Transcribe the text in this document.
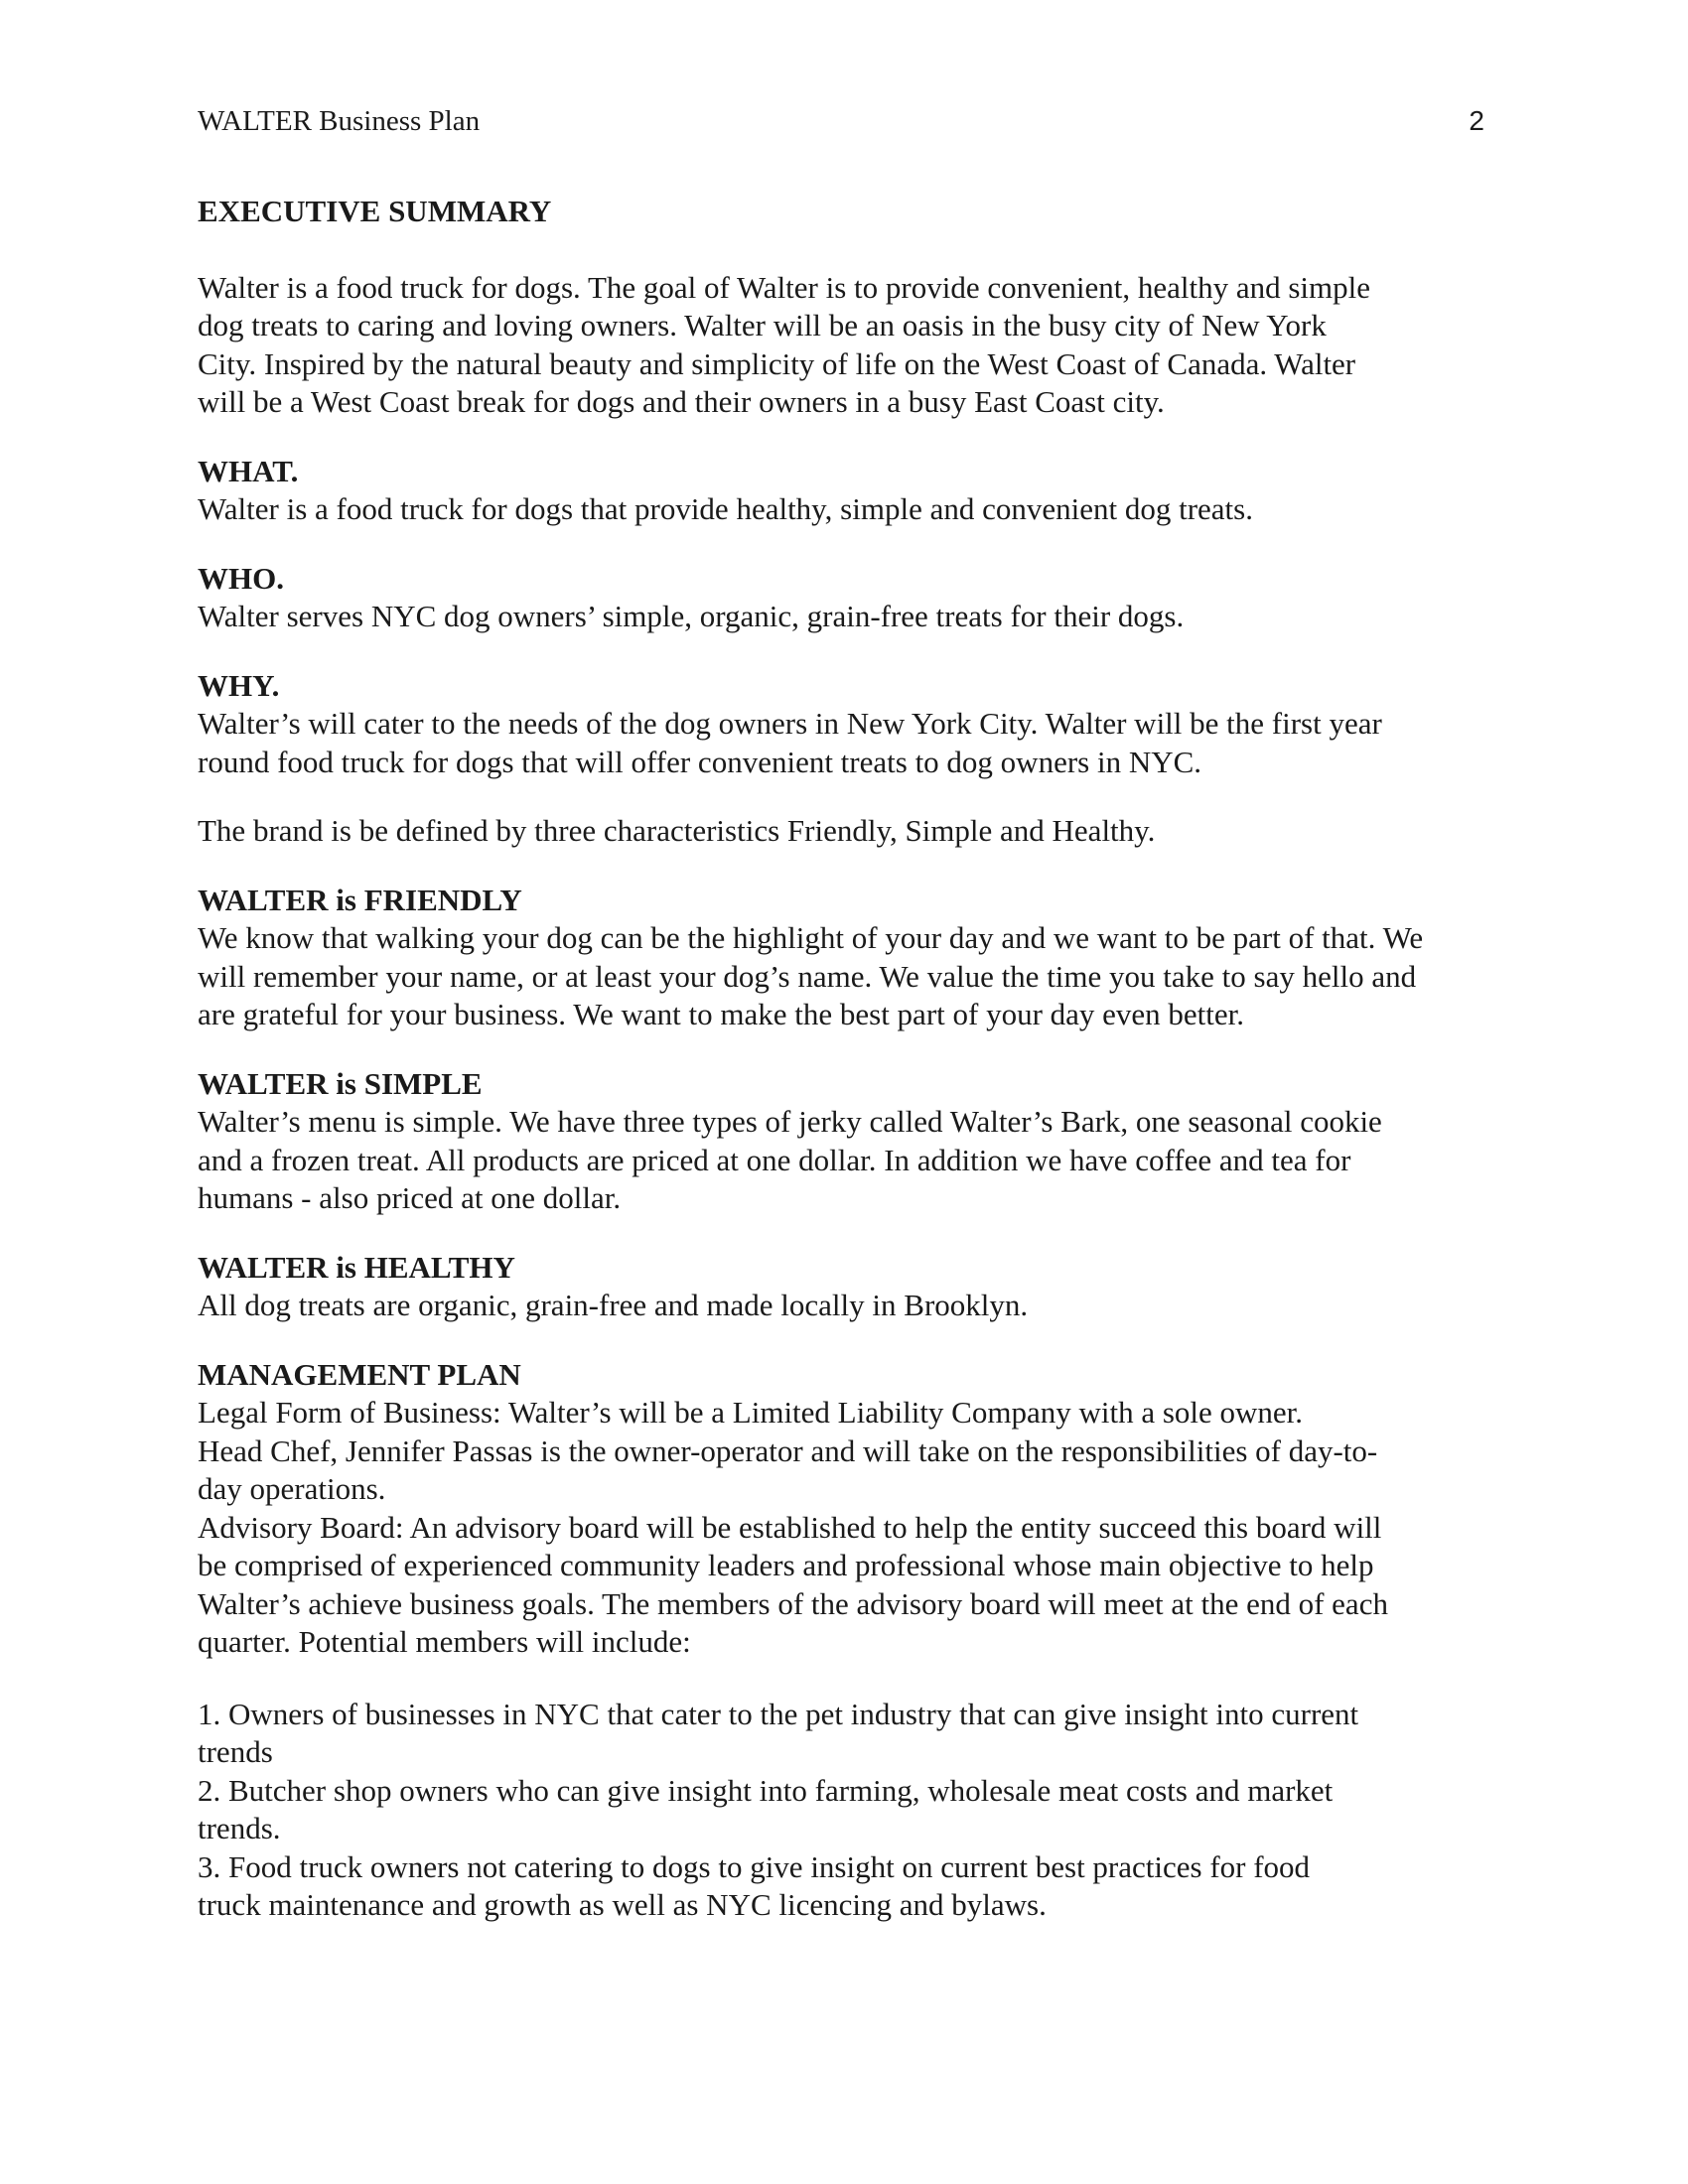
WALTER Business Plan	2

EXECUTIVE SUMMARY

Walter is a food truck for dogs. The goal of Walter is to provide convenient, healthy and simple
dog treats to caring and loving owners. Walter will be an oasis in the busy city of New York
City. Inspired by the natural beauty and simplicity of life on the West Coast of Canada. Walter
will be a West Coast break for dogs and their owners in a busy East Coast city.

WHAT.

Walter is a food truck for dogs that provide healthy, simple and convenient dog treats.

WHO.

Walter serves NYC dog owners’ simple, organic, grain-free treats for their dogs.

WHY.

Walter’s will cater to the needs of the dog owners in New York City. Walter will be the first year
round food truck for dogs that will offer convenient treats to dog owners in NYC.

The brand is be defined by three characteristics Friendly, Simple and Healthy.

WALTER is FRIENDLY

We know that walking your dog can be the highlight of your day and we want to be part of that. We
will remember your name, or at least your dog’s name. We value the time you take to say hello and
are grateful for your business. We want to make the best part of your day even better.

WALTER is SIMPLE

Walter’s menu is simple. We have three types of jerky called Walter’s Bark, one seasonal cookie
and a frozen treat. All products are priced at one dollar. In addition we have coffee and tea for
humans - also priced at one dollar.

WALTER is HEALTHY

All dog treats are organic, grain-free and made locally in Brooklyn.

MANAGEMENT PLAN

Legal Form of Business: Walter’s will be a Limited Liability Company with a sole owner.
Head Chef, Jennifer Passas is the owner-operator and will take on the responsibilities of day-to-
day operations.
Advisory Board: An advisory board will be established to help the entity succeed this board will
be comprised of experienced community leaders and professional whose main objective to help
Walter’s achieve business goals. The members of the advisory board will meet at the end of each
quarter. Potential members will include:

1. Owners of businesses in NYC that cater to the pet industry that can give insight into current
trends
2. Butcher shop owners who can give insight into farming, wholesale meat costs and market
trends.
3. Food truck owners not catering to dogs to give insight on current best practices for food
truck maintenance and growth as well as NYC licencing and bylaws.
